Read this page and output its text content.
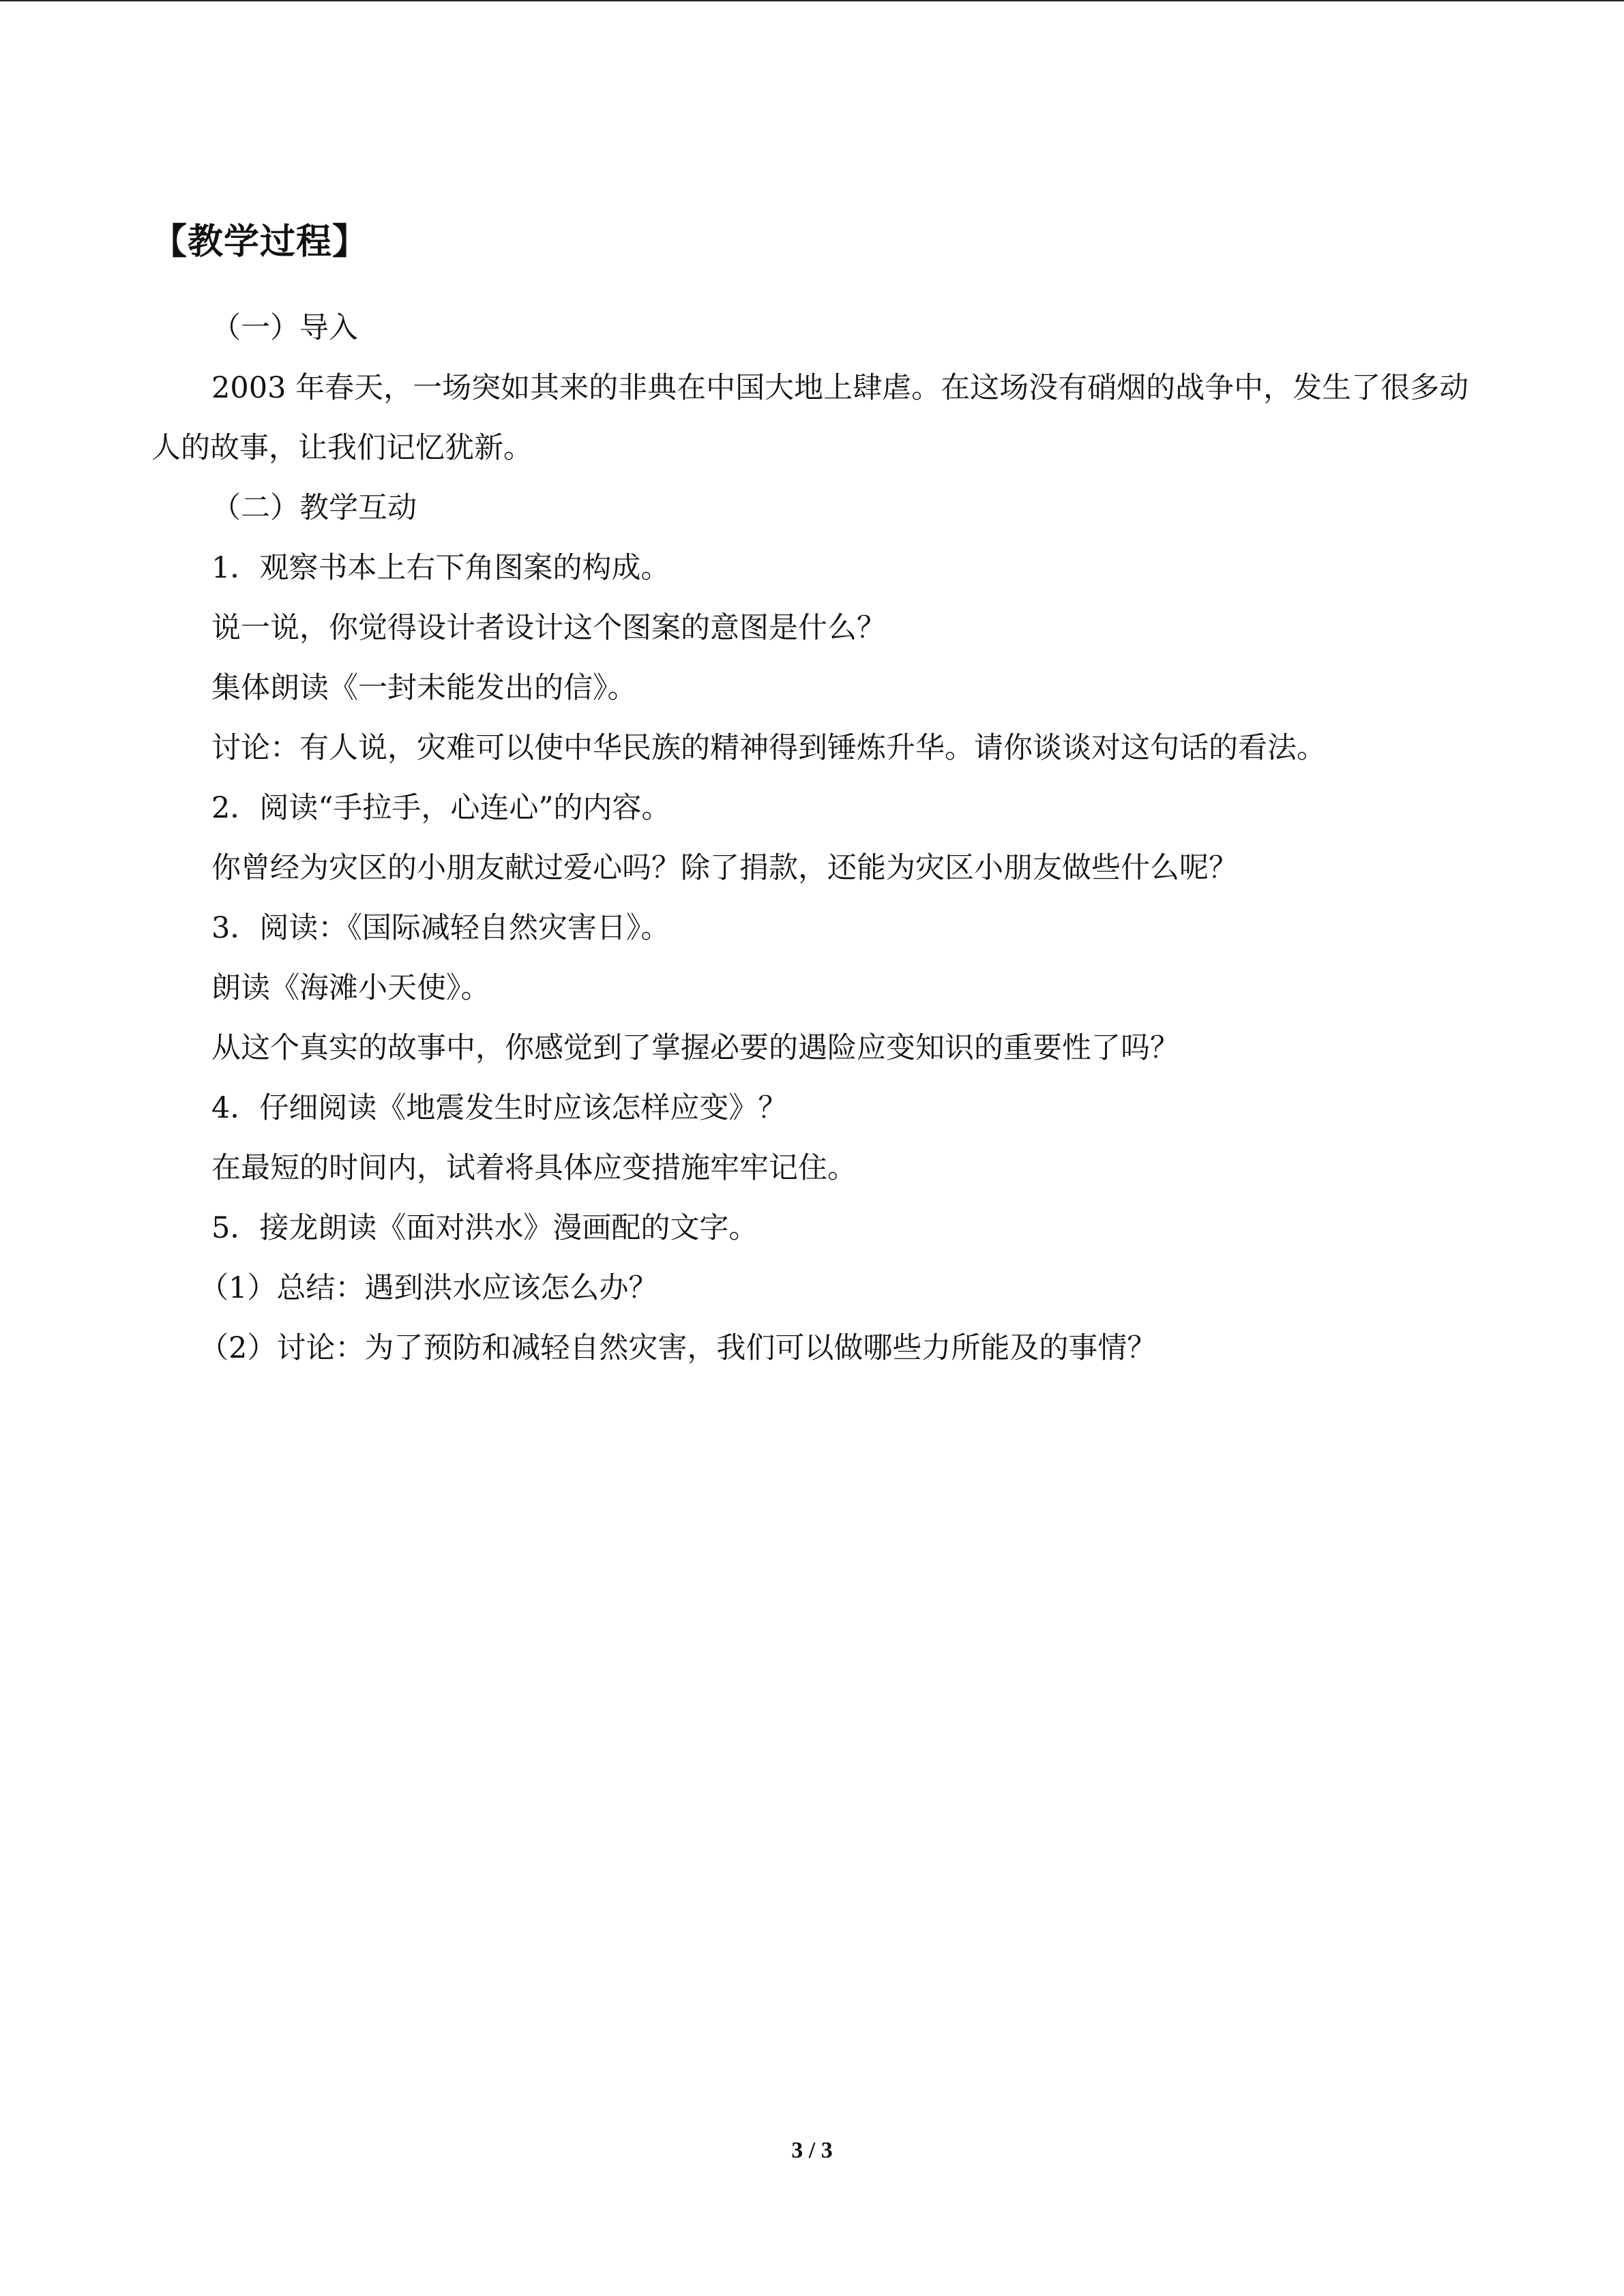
【教学过程】
（一）导入
2003 年春天，一场突如其来的非典在中国大地上肆虐。在这场没有硝烟的战争中，发生了很多动人的故事，让我们记忆犹新。
（二）教学互动
1．观察书本上右下角图案的构成。
说一说，你觉得设计者设计这个图案的意图是什么？
集体朗读《一封未能发出的信》。
讨论：有人说，灾难可以使中华民族的精神得到锤炼升华。请你谈谈对这句话的看法。
2．阅读“手拉手，心连心”的内容。
你曾经为灾区的小朋友献过爱心吗？除了捐款，还能为灾区小朋友做些什么呢？
3．阅读：《国际减轻自然灾害日》。
朗读《海滩小天使》。
从这个真实的故事中，你感觉到了掌握必要的遇险应变知识的重要性了吗？
4．仔细阅读《地震发生时应该怎样应变》？
在最短的时间内，试着将具体应变措施牢牢记住。
5．接龙朗读《面对洪水》漫画配的文字。
（1）总结：遇到洪水应该怎么办？
（2）讨论：为了预防和减轻自然灾害，我们可以做哪些力所能及的事情？
3 / 3
